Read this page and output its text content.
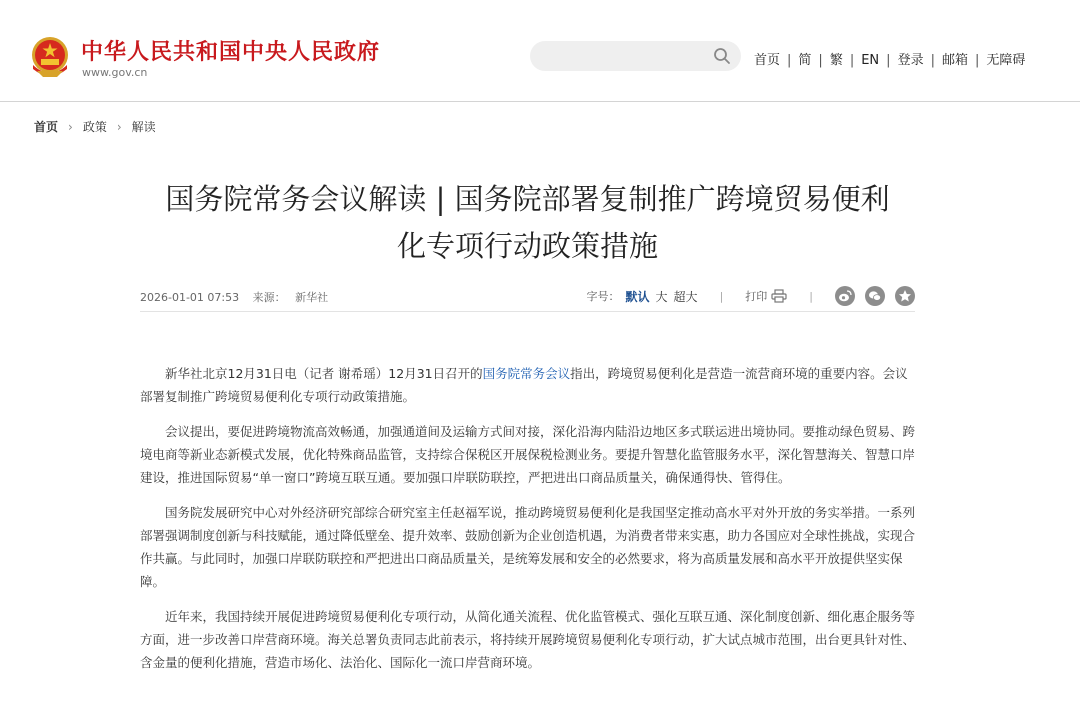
中华人民共和国中央人民政府
www.gov.cn
首页 | 简 | 繁 | EN | 登录 | 邮箱 | 无障碍
首页 › 政策 › 解读
国务院常务会议解读 | 国务院部署复制推广跨境贸易便利
化专项行动政策措施
2026-01-01 07:53 来源： 新华社	字号： 默认 大 超大 | 打印	|

新华社北京12月31日电（记者 谢希瑶）12月31日召开的国务院常务会议指出，跨境贸易便利化是营造一流营商环境的重要内容。会议部署复制推广跨境贸易便利化专项行动政策措施。

会议提出，要促进跨境物流高效畅通，加强通道间及运输方式间对接，深化沿海内陆沿边地区多式联运进出境协同。要推动绿色贸易、跨境电商等新业态新模式发展，优化特殊商品监管，支持综合保税区开展保税检测业务。要提升智慧化监管服务水平，深化智慧海关、智慧口岸建设，推进国际贸易“单一窗口”跨境互联互通。要加强口岸联防联控，严把进出口商品质量关，确保通得快、管得住。

国务院发展研究中心对外经济研究部综合研究室主任赵福军说，推动跨境贸易便利化是我国坚定推动高水平对外开放的务实举措。一系列部署强调制度创新与科技赋能，通过降低壁垒、提升效率、鼓励创新为企业创造机遇，为消费者带来实惠，助力各国应对全球性挑战，实现合作共赢。与此同时，加强口岸联防联控和严把进出口商品质量关，是统筹发展和安全的必然要求，将为高质量发展和高水平开放提供坚实保障。

近年来，我国持续开展促进跨境贸易便利化专项行动，从简化通关流程、优化监管模式、强化互联互通、深化制度创新、细化惠企服务等方面，进一步改善口岸营商环境。海关总署负责同志此前表示，将持续开展跨境贸易便利化专项行动，扩大试点城市范围，出台更具针对性、含金量的便利化措施，营造市场化、法治化、国际化一流口岸营商环境。
